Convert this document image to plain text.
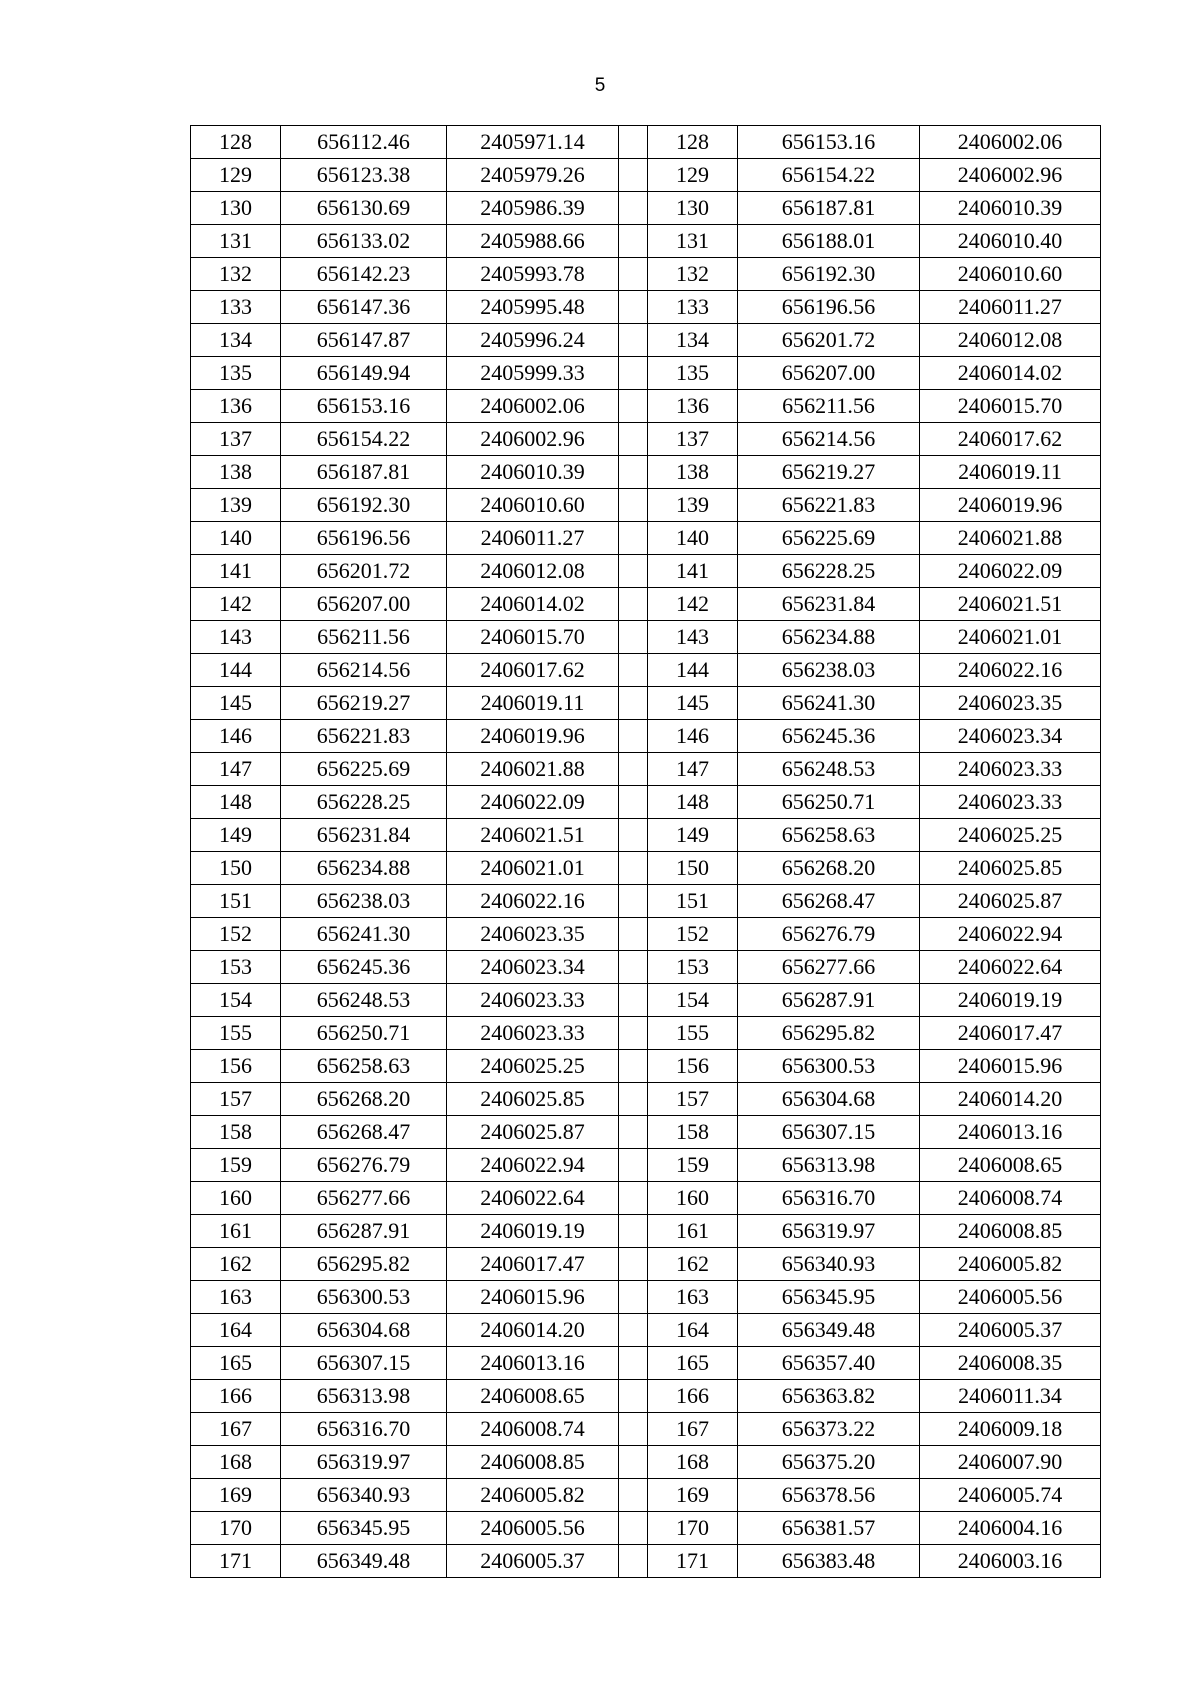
5
128	656112.46	2405971.14		128	656153.16	2406002.06
129	656123.38	2405979.26		129	656154.22	2406002.96
130	656130.69	2405986.39		130	656187.81	2406010.39
131	656133.02	2405988.66		131	656188.01	2406010.40
132	656142.23	2405993.78		132	656192.30	2406010.60
133	656147.36	2405995.48		133	656196.56	2406011.27
134	656147.87	2405996.24		134	656201.72	2406012.08
135	656149.94	2405999.33		135	656207.00	2406014.02
136	656153.16	2406002.06		136	656211.56	2406015.70
137	656154.22	2406002.96		137	656214.56	2406017.62
138	656187.81	2406010.39		138	656219.27	2406019.11
139	656192.30	2406010.60		139	656221.83	2406019.96
140	656196.56	2406011.27		140	656225.69	2406021.88
141	656201.72	2406012.08		141	656228.25	2406022.09
142	656207.00	2406014.02		142	656231.84	2406021.51
143	656211.56	2406015.70		143	656234.88	2406021.01
144	656214.56	2406017.62		144	656238.03	2406022.16
145	656219.27	2406019.11		145	656241.30	2406023.35
146	656221.83	2406019.96		146	656245.36	2406023.34
147	656225.69	2406021.88		147	656248.53	2406023.33
148	656228.25	2406022.09		148	656250.71	2406023.33
149	656231.84	2406021.51		149	656258.63	2406025.25
150	656234.88	2406021.01		150	656268.20	2406025.85
151	656238.03	2406022.16		151	656268.47	2406025.87
152	656241.30	2406023.35		152	656276.79	2406022.94
153	656245.36	2406023.34		153	656277.66	2406022.64
154	656248.53	2406023.33		154	656287.91	2406019.19
155	656250.71	2406023.33		155	656295.82	2406017.47
156	656258.63	2406025.25		156	656300.53	2406015.96
157	656268.20	2406025.85		157	656304.68	2406014.20
158	656268.47	2406025.87		158	656307.15	2406013.16
159	656276.79	2406022.94		159	656313.98	2406008.65
160	656277.66	2406022.64		160	656316.70	2406008.74
161	656287.91	2406019.19		161	656319.97	2406008.85
162	656295.82	2406017.47		162	656340.93	2406005.82
163	656300.53	2406015.96		163	656345.95	2406005.56
164	656304.68	2406014.20		164	656349.48	2406005.37
165	656307.15	2406013.16		165	656357.40	2406008.35
166	656313.98	2406008.65		166	656363.82	2406011.34
167	656316.70	2406008.74		167	656373.22	2406009.18
168	656319.97	2406008.85		168	656375.20	2406007.90
169	656340.93	2406005.82		169	656378.56	2406005.74
170	656345.95	2406005.56		170	656381.57	2406004.16
171	656349.48	2406005.37		171	656383.48	2406003.16
